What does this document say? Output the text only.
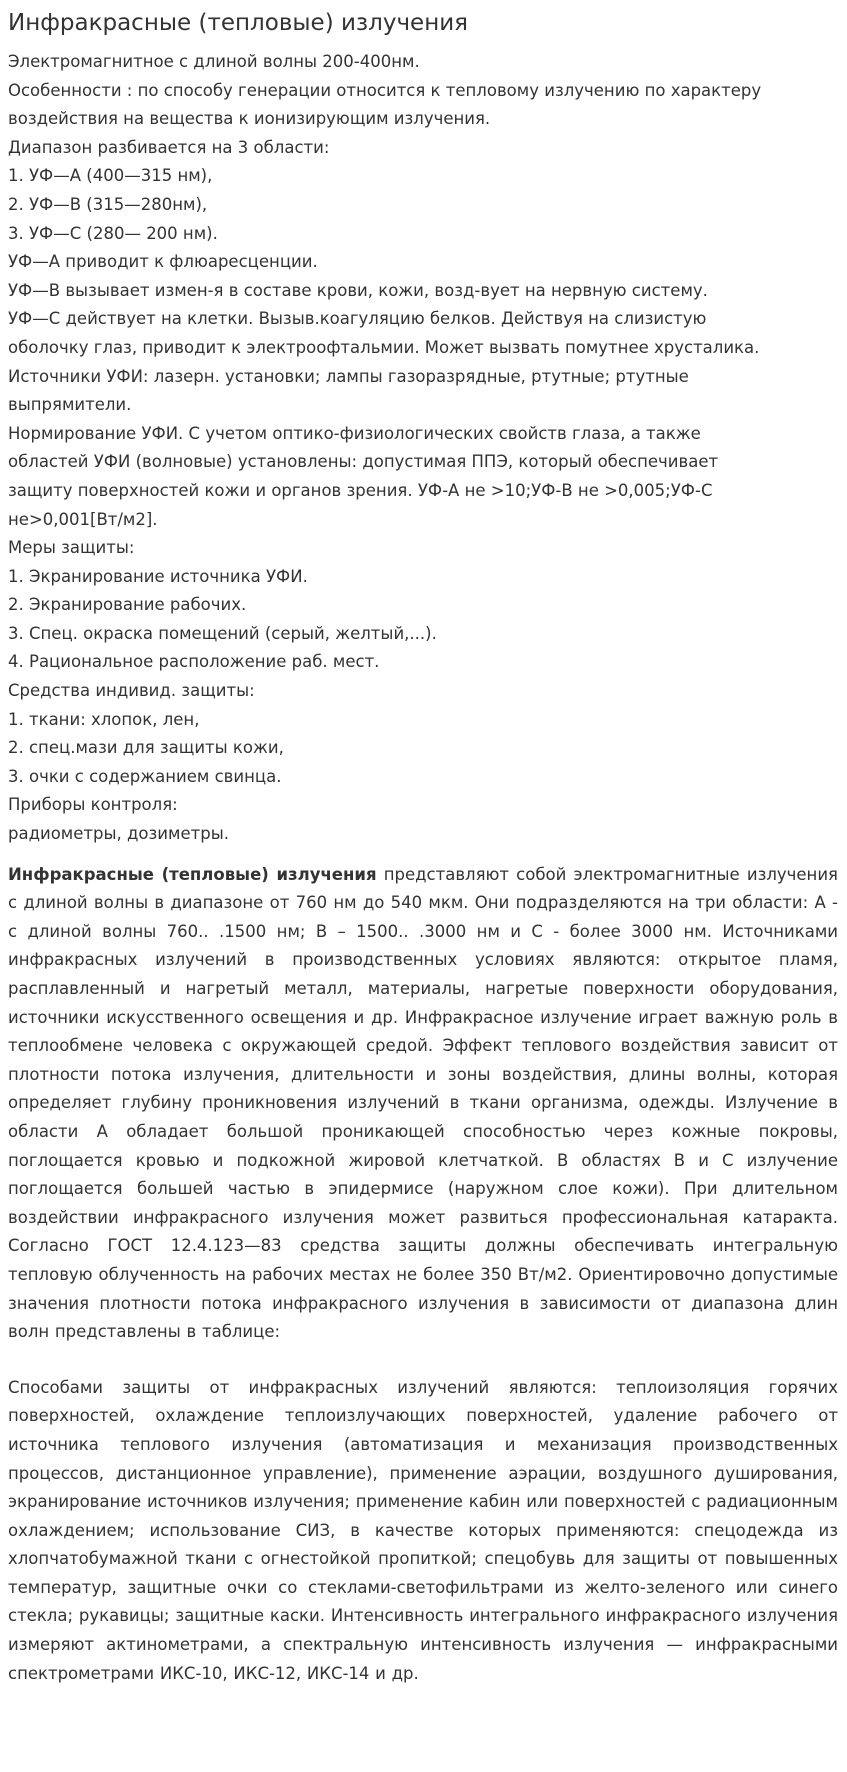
Инфракрасные (тепловые) излучения

Электромагнитное с длиной волны 200-400нм.

Особенности : по способу генерации относится к тепловому излучению по характеру

воздействия на вещества к ионизирующим излучения.

Диапазон разбивается на 3 области:

1. УФ—А (400—315 нм),

2. УФ—В (315—280нм),

3. УФ—С (280— 200 нм).

УФ—А приводит к флюаресценции.

УФ—В вызывает измен-я в составе крови, кожи, возд-вует на нервную систему.

УФ—С действует на клетки. Вызыв.коагуляцию белков. Действуя на слизистую

оболочку глаз, приводит к электроофтальмии. Может вызвать помутнее хрусталика.

Источники УФИ: лазерн. установки; лампы газоразрядные, ртутные; ртутные

выпрямители.

Нормирование УФИ. С учетом оптико-физиологических свойств глаза, а также

областей УФИ (волновые) установлены: допустимая ППЭ, который обеспечивает

защиту поверхностей кожи и органов зрения. УФ-А не >10;УФ-В не >0,005;УФ-С

не>0,001[Вт/м2].

Меры защиты:

1. Экранирование источника УФИ.

2. Экранирование рабочих.

3. Спец. окраска помещений (серый, желтый,...).

4. Рациональное расположение раб. мест.

Средства индивид. защиты:

1. ткани: хлопок, лен,

2. спец.мази для защиты кожи,

3. очки с содержанием свинца.

Приборы контроля:

радиометры, дозиметры.

Инфракрасные (тепловые) излучения представляют собой электромагнитные излучения с длиной волны в диапазоне от 760 нм до 540 мкм. Они подразделяются на три области: А - с длиной волны 760.. .1500 нм; В – 1500.. .3000 нм и С - более 3000 нм. Источниками инфракрасных излучений в производственных условиях являются: открытое пламя, расплавленный и нагретый металл, материалы, нагретые поверхности оборудования, источники искусственного освещения и др. Инфракрасное излучение играет важную роль в теплообмене человека с окружающей средой. Эффект теплового воздействия зависит от плотности потока излучения, длительности и зоны воздействия, длины волны, которая определяет глубину проникновения излучений в ткани организма, одежды. Излучение в области А обладает большой проникающей способностью через кожные покровы, поглощается кровью и подкожной жировой клетчаткой. В областях В и С излучение поглощается большей частью в эпидермисе (наружном слое кожи). При длительном воздействии инфракрасного излучения может развиться профессиональная катаракта. Согласно ГОСТ 12.4.123—83 средства защиты должны обеспечивать интегральную тепловую облученность на рабочих местах не более 350 Вт/м2. Ориентировочно допустимые значения плотности потока инфракрасного излучения в зависимости от диапазона длин волн представлены в таблице:

Способами защиты от инфракрасных излучений являются: теплоизоляция горячих поверхностей, охлаждение теплоизлучающих поверхностей, удаление рабочего от источника теплового излучения (автоматизация и механизация производственных процессов, дистанционное управление), применение аэрации, воздушного душирования, экранирование источников излучения; применение кабин или поверхностей с радиационным охлаждением; использование СИЗ, в качестве которых применяются: спецодежда из хлопчатобумажной ткани с огнестойкой пропиткой; спецобувь для защиты от повышенных температур, защитные очки со стеклами-светофильтрами из желто-зеленого или синего стекла; рукавицы; защитные каски. Интенсивность интегрального инфракрасного излучения измеряют актинометрами, а спектральную интенсивность излучения — инфракрасными спектрометрами ИКС-10, ИКС-12, ИКС-14 и др.
